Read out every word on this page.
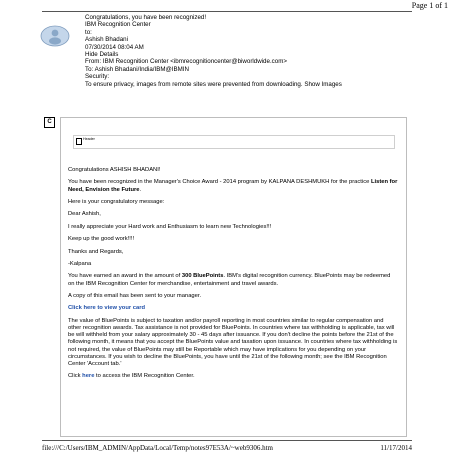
Page 1 of 1
Congratulations, you have been recognized!
IBM Recognition Center
to:
Ashish Bhadani
07/30/2014 08:04 AM
Hide Details
From: IBM Recognition Center <ibmrecognitioncenter@biworldwide.com>
To: Ashish Bhadani/India/IBM@IBMIN
Security:
To ensure privacy, images from remote sites were prevented from downloading. Show Images
C
Header

Congratulations ASHISH BHADANI!

You have been recognized in the Manager's Choice Award - 2014 program by KALPANA DESHMUKH for the practice Listen for Need, Envision the Future.

Here is your congratulatory message:

Dear Ashish,

I really appreciate your Hard work and Enthusiasm to learn new Technologies!!!

Keep up the good work!!!!

Thanks and Regards,

-Kalpana

You have earned an award in the amount of 300 BluePoints. IBM's digital recognition currency. BluePoints may be redeemed on the IBM Recognition Center for merchandise, entertainment and travel awards.

A copy of this email has been sent to your manager.

Click here to view your card

The value of BluePoints is subject to taxation and/or payroll reporting in most countries similar to regular compensation and other recognition awards. Tax assistance is not provided for BluePoints. In countries where tax withholding is applicable, tax will be will withheld from your salary approximately 30 - 45 days after issuance. If you don't decline the points before the 21st of the following month, it means that you accept the BluePoints value and taxation upon issuance. In countries where tax withholding is not required, the value of BluePoints may still be Reportable which may have implications for you depending on your circumstances. If you wish to decline the BluePoints, you have until the 21st of the following month; see the IBM Recognition Center 'Account tab.'

Click here to access the IBM Recognition Center.

file:///C:/Users/IBM_ADMIN/AppData/Local/Temp/notes97E53A/~web9306.htm	11/17/2014
